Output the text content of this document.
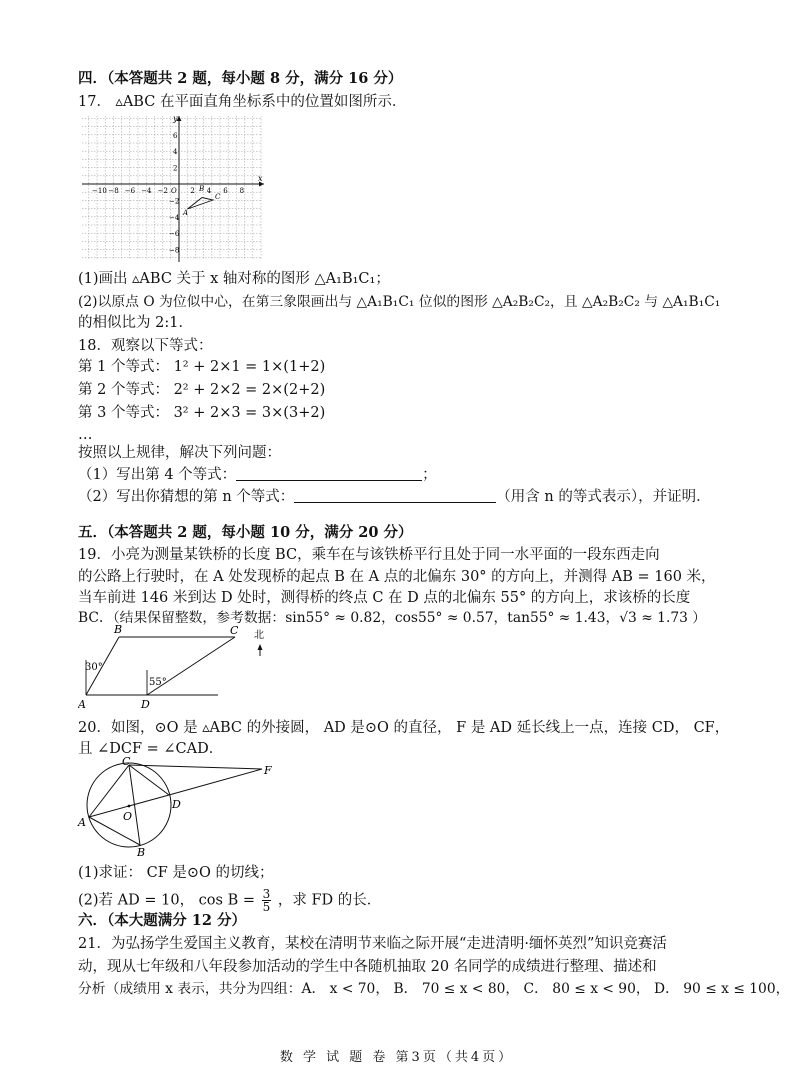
四．（本答题共 2 题，每小题 8 分，满分 16 分）
17． ▵ABC 在平面直角坐标系中的位置如图所示．
x
y
−10 −8 −6 −4 −2 O 2 4 6 8
6
4
2
−2
−4
−6
−8
A
B
C
(1)画出 ▵ABC 关于 x 轴对称的图形 △A₁B₁C₁；
(2)以原点 O 为位似中心，在第三象限画出与 △A₁B₁C₁ 位似的图形 △A₂B₂C₂，且 △A₂B₂C₂ 与 △A₁B₁C₁
的相似比为 2:1．
18．观察以下等式：
第 1 个等式： 1² + 2×1 = 1×(1+2)
第 2 个等式： 2² + 2×2 = 2×(2+2)
第 3 个等式： 3² + 2×3 = 3×(3+2)
…
按照以上规律，解决下列问题：
（1）写出第 4 个等式：	；
（2）写出你猜想的第 n 个等式：	（用含 n 的等式表示），并证明．
五．（本答题共 2 题，每小题 10 分，满分 20 分）
19．小亮为测量某铁桥的长度 BC，乘车在与该铁桥平行且处于同一水平面的一段东西走向
的公路上行驶时，在 A 处发现桥的起点 B 在 A 点的北偏东 30° 的方向上，并测得 AB = 160 米，
当车前进 146 米到达 D 处时，测得桥的终点 C 在 D 点的北偏东 55° 的方向上，求该桥的长度
BC．（结果保留整数，参考数据：sin55° ≈ 0.82，cos55° ≈ 0.57，tan55° ≈ 1.43，√3 ≈ 1.73 ）
B	C
A	D
30°
55°
北
20．如图，⊙O 是 ▵ABC 的外接圆， AD 是⊙O 的直径， F 是 AD 延长线上一点，连接 CD， CF，
且 ∠DCF = ∠CAD．
C
A
B
D
O
F
(1)求证： CF 是⊙O 的切线；
(2)若 AD = 10， $\cos B = \frac{3}{5}$ ，求 FD 的长．
六．（本大题满分 12 分）
21．为弘扬学生爱国主义教育，某校在清明节来临之际开展“走进清明·缅怀英烈”知识竞赛活
动，现从七年级和八年段参加活动的学生中各随机抽取 20 名同学的成绩进行整理、描述和
分析（成绩用 x 表示，共分为四组：A． x < 70， B． 70 ≤ x < 80， C． 80 ≤ x < 90， D． 90 ≤ x ≤ 100，
数 学 试 题 卷 第3页（共4页）
